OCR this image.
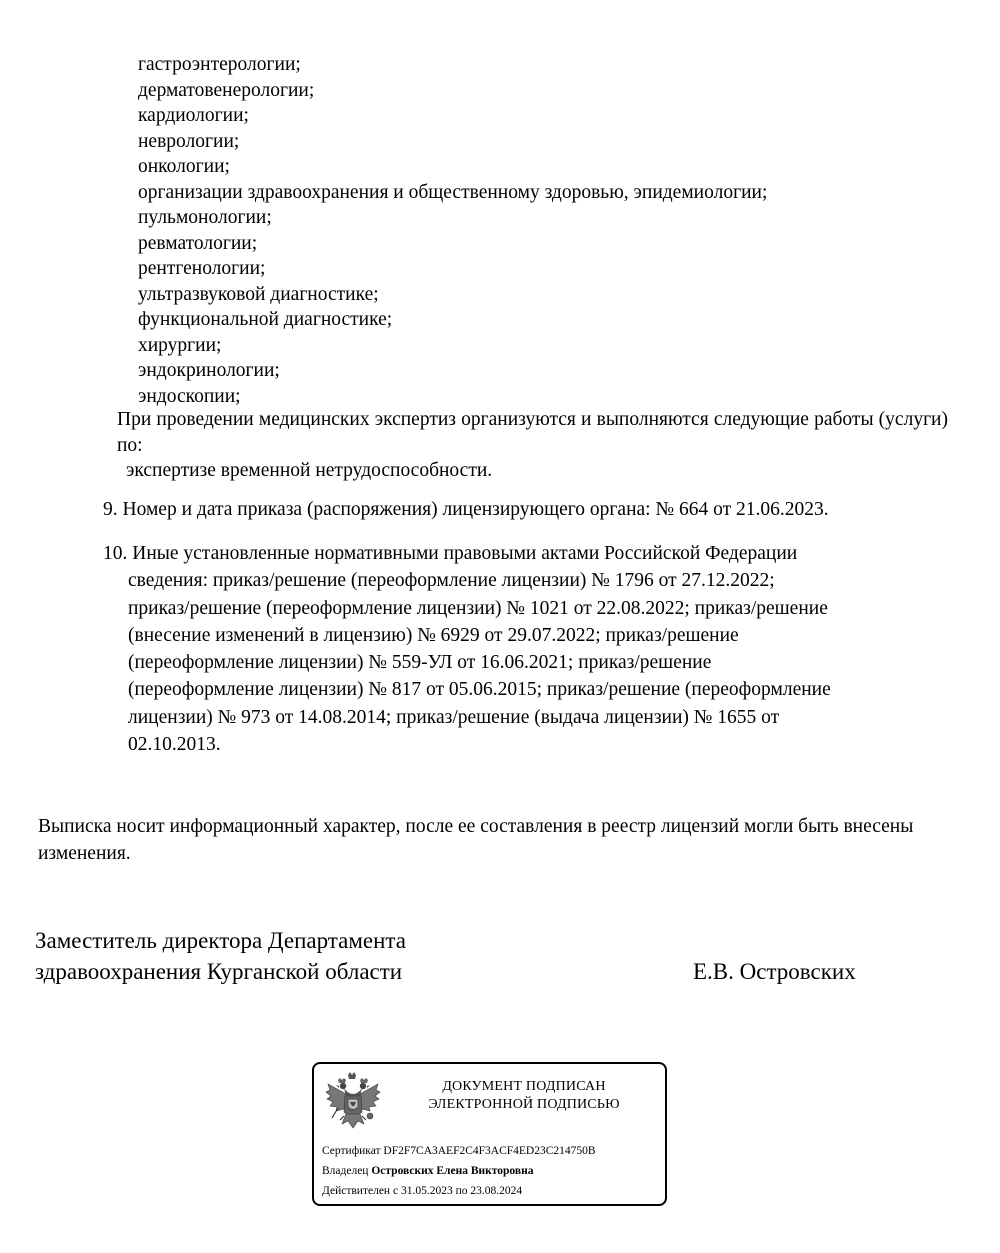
гастроэнтерологии;
дерматовенерологии;
кардиологии;
неврологии;
онкологии;
организации здравоохранения и общественному здоровью, эпидемиологии;
пульмонологии;
ревматологии;
рентгенологии;
ультразвуковой диагностике;
функциональной диагностике;
хирургии;
эндокринологии;
эндоскопии;

При проведении медицинских экспертиз организуются и выполняются следующие работы (услуги) по:

экспертизе временной нетрудоспособности.

9. Номер и дата приказа (распоряжения) лицензирующего органа: № 664 от 21.06.2023.

10. Иные установленные нормативными правовыми актами Российской Федерации
сведения: приказ/решение (переоформление лицензии) № 1796 от 27.12.2022;
приказ/решение (переоформление лицензии) № 1021 от 22.08.2022; приказ/решение
(внесение изменений в лицензию) № 6929 от 29.07.2022; приказ/решение
(переоформление лицензии) № 559-УЛ от 16.06.2021; приказ/решение
(переоформление лицензии) № 817 от 05.06.2015; приказ/решение (переоформление
лицензии) № 973 от 14.08.2014; приказ/решение (выдача лицензии) № 1655 от
02.10.2013.

Выписка носит информационный характер, после ее составления в реестр лицензий могли быть внесены изменения.

Заместитель директора Департамента
здравоохранения Курганской области	Е.В. Островских
ДОКУМЕНТ ПОДПИСАН
ЭЛЕКТРОННОЙ ПОДПИСЬЮ
Сертификат DF2F7CA3AEF2C4F3ACF4ED23C214750B
Владелец Островских Елена Викторовна
Действителен с 31.05.2023 по 23.08.2024
